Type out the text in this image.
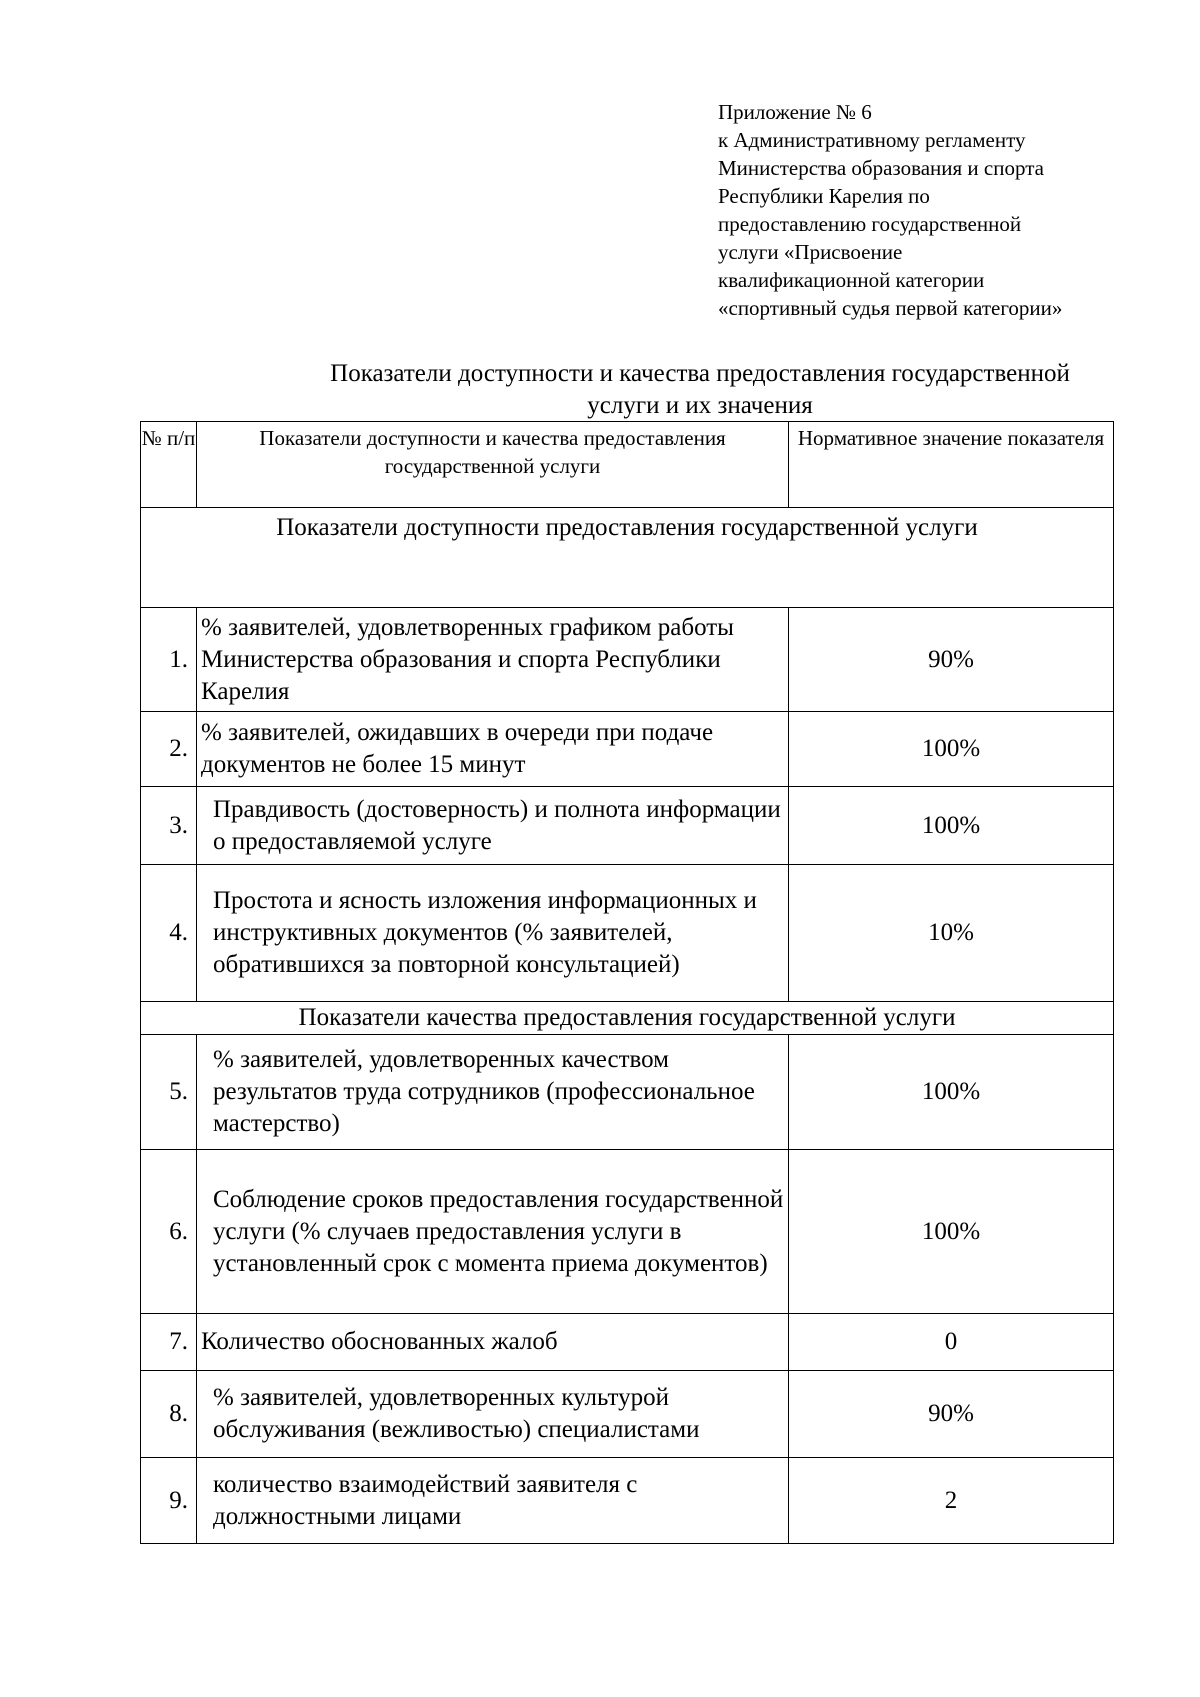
Приложение № 6
к Административному регламенту
Министерства образования и спорта
Республики Карелия по
предоставлению государственной
услуги «Присвоение
квалификационной категории
«спортивный судья первой категории»
Показатели доступности и качества предоставления государственной
услуги и их значения
№ п/п	Показатели доступности и качества предоставления государственной услуги	Нормативное значение показателя
Показатели доступности предоставления государственной услуги		
1.	% заявителей, удовлетворенных графиком работы Министерства образования и спорта Республики Карелия	90%
2.	% заявителей, ожидавших в очереди при подаче документов не более 15 минут	100%
3.	Правдивость (достоверность) и полнота информации о предоставляемой услуге	100%
4.	Простота и ясность изложения информационных и инструктивных документов (% заявителей, обратившихся за повторной консультацией)	10%
Показатели качества предоставления государственной услуги		
5.	% заявителей, удовлетворенных качеством результатов труда сотрудников (профессиональное мастерство)	100%
6.	Соблюдение сроков предоставления государственной услуги (% случаев предоставления услуги в установленный срок с момента приема документов)	100%
7.	Количество обоснованных жалоб	0
8.	% заявителей, удовлетворенных культурой обслуживания (вежливостью) специалистами	90%
9.	количество взаимодействий заявителя с должностными лицами	2
